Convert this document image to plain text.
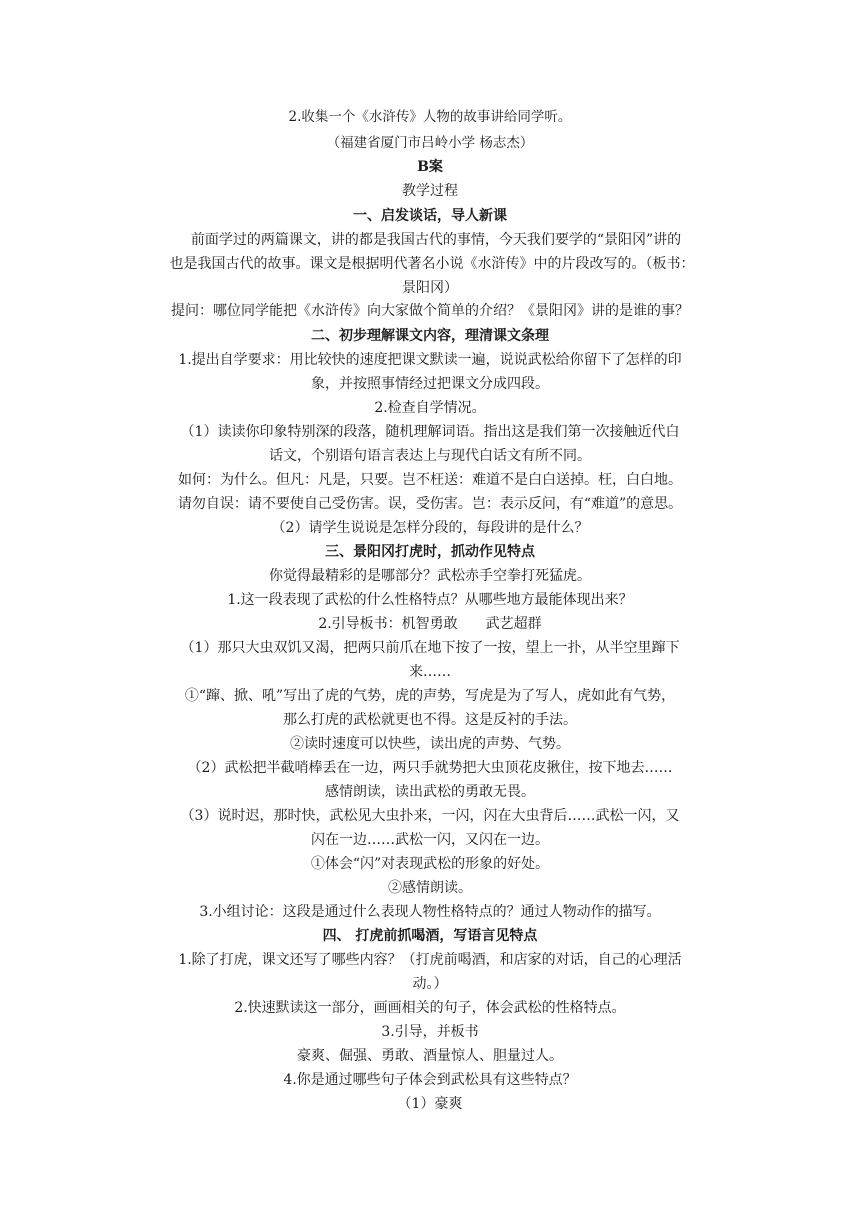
2.收集一个《水浒传》人物的故事讲给同学听。
（福建省厦门市吕岭小学 杨志杰）
B案
教学过程
一、启发谈话，导人新课
前面学过的两篇课文，讲的都是我国古代的事情，今天我们要学的“景阳冈”讲的
也是我国古代的故事。课文是根据明代著名小说《水浒传》中的片段改写的。（板书：
景阳冈）
提问：哪位同学能把《水浒传》向大家做个简单的介绍？《景阳冈》讲的是谁的事？
二、初步理解课文内容，理清课文条理
1.提出自学要求：用比较快的速度把课文默读一遍，说说武松给你留下了怎样的印
象，并按照事情经过把课文分成四段。
2.检查自学情况。
（1）读读你印象特别深的段落，随机理解词语。指出这是我们第一次接触近代白
话文，个别语句语言表达上与现代白话文有所不同。
如何：为什么。但凡：凡是，只要。岂不枉送：难道不是白白送掉。枉，白白地。
请勿自误：请不要使自己受伤害。误，受伤害。岂：表示反问，有“难道”的意思。
（2）请学生说说是怎样分段的，每段讲的是什么？
三、景阳冈打虎时，抓动作见特点
你觉得最精彩的是哪部分？武松赤手空拳打死猛虎。
1.这一段表现了武松的什么性格特点？从哪些地方最能体现出来？
2.引导板书：机智勇敢　　武艺超群
（1）那只大虫双饥又渴，把两只前爪在地下按了一按，望上一扑，从半空里蹿下
来……
①“蹿、掀、吼”写出了虎的气势，虎的声势，写虎是为了写人，虎如此有气势，
那么打虎的武松就更也不得。这是反衬的手法。
②读时速度可以快些，读出虎的声势、气势。
（2）武松把半截哨棒丢在一边，两只手就势把大虫顶花皮揪住，按下地去……
感情朗读，读出武松的勇敢无畏。
（3）说时迟，那时快，武松见大虫扑来，一闪，闪在大虫背后……武松一闪，又
闪在一边……武松一闪，又闪在一边。
①体会“闪”对表现武松的形象的好处。
②感情朗读。
3.小组讨论：这段是通过什么表现人物性格特点的？通过人物动作的描写。
四、 打虎前抓喝酒，写语言见特点
1.除了打虎，课文还写了哪些内容？（打虎前喝酒，和店家的对话，自己的心理活
动。）
2.快速默读这一部分，画画相关的句子，体会武松的性格特点。
3.引导，并板书
豪爽、倔强、勇敢、酒量惊人、胆量过人。
4.你是通过哪些句子体会到武松具有这些特点？
（1）豪爽
